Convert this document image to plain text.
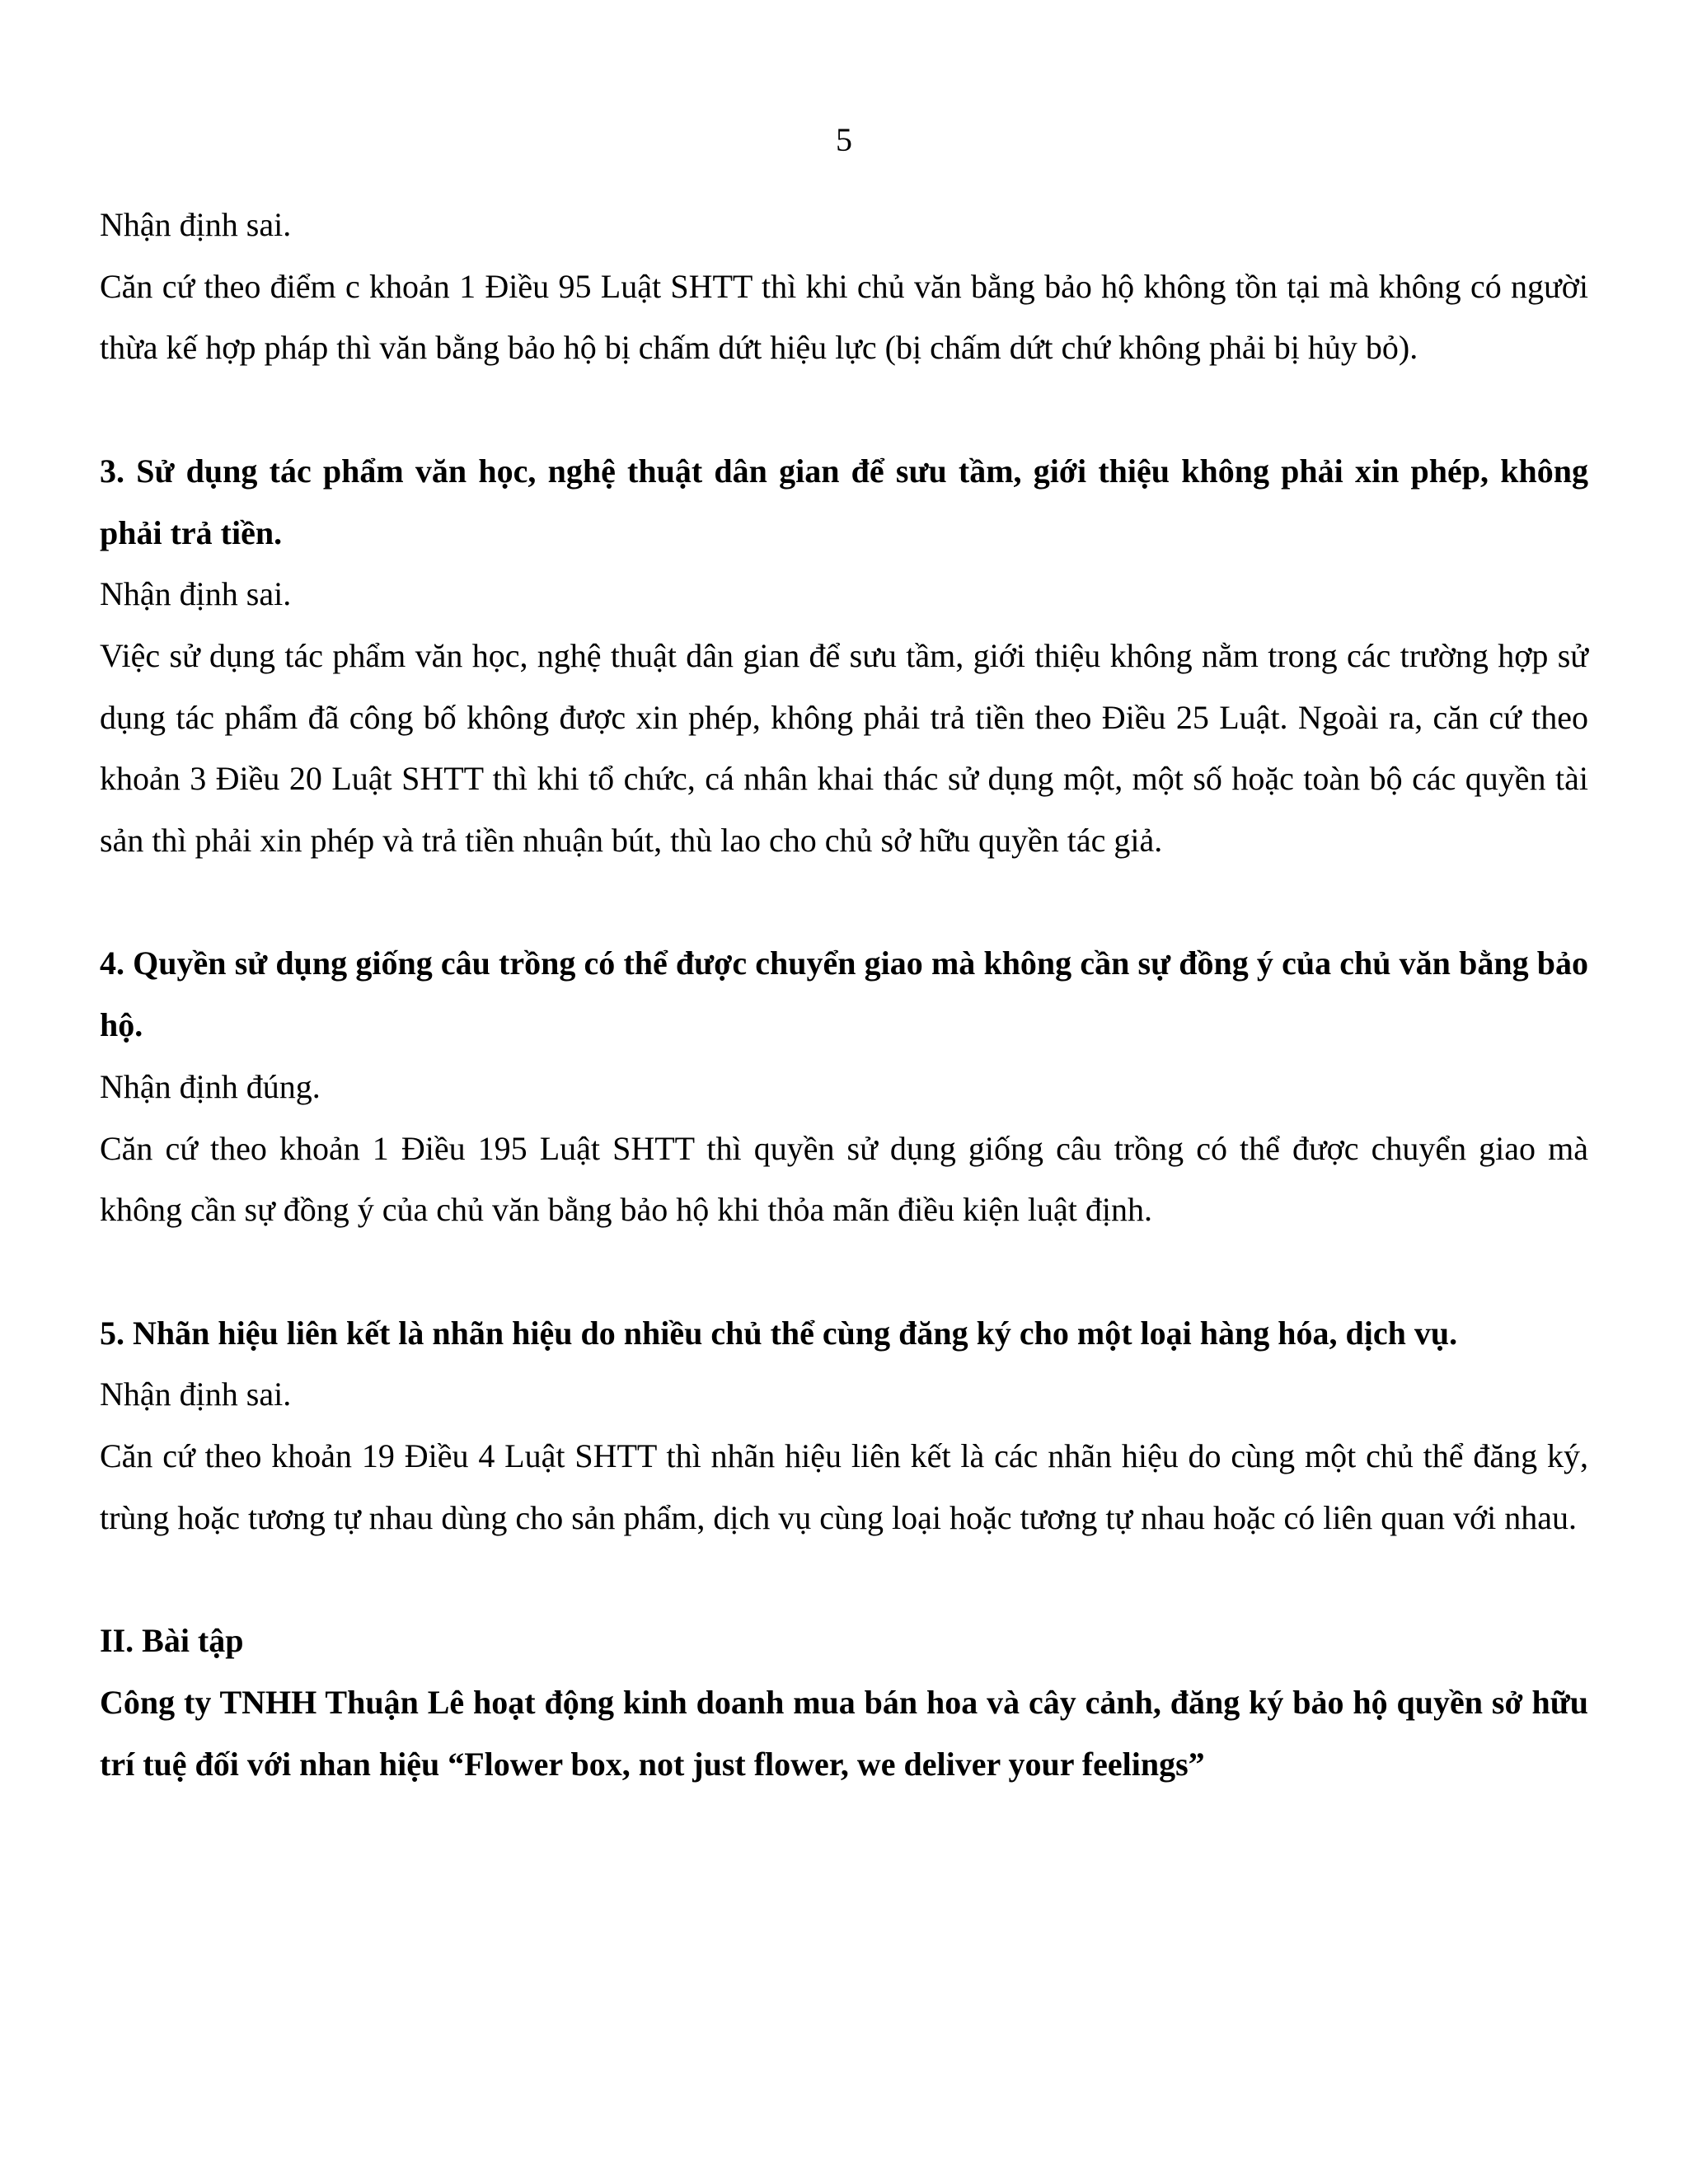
5

Nhận định sai.

Căn cứ theo điểm c khoản 1 Điều 95 Luật SHTT thì khi chủ văn bằng bảo hộ không tồn tại mà không có người thừa kế hợp pháp thì văn bằng bảo hộ bị chấm dứt hiệu lực (bị chấm dứt chứ không phải bị hủy bỏ).

3. Sử dụng tác phẩm văn học, nghệ thuật dân gian để sưu tầm, giới thiệu không phải xin phép, không phải trả tiền.

Nhận định sai.

Việc sử dụng tác phẩm văn học, nghệ thuật dân gian để sưu tầm, giới thiệu không nằm trong các trường hợp sử dụng tác phẩm đã công bố không được xin phép, không phải trả tiền theo Điều 25 Luật. Ngoài ra, căn cứ theo khoản 3 Điều 20 Luật SHTT thì khi tổ chức, cá nhân khai thác sử dụng một, một số hoặc toàn bộ các quyền tài sản thì phải xin phép và trả tiền nhuận bút, thù lao cho chủ sở hữu quyền tác giả.

4. Quyền sử dụng giống câu trồng có thể được chuyển giao mà không cần sự đồng ý của chủ văn bằng bảo hộ.

Nhận định đúng.

Căn cứ theo khoản 1 Điều 195 Luật SHTT thì quyền sử dụng giống câu trồng có thể được chuyển giao mà không cần sự đồng ý của chủ văn bằng bảo hộ khi thỏa mãn điều kiện luật định.

5. Nhãn hiệu liên kết là nhãn hiệu do nhiều chủ thể cùng đăng ký cho một loại hàng hóa, dịch vụ.

Nhận định sai.

Căn cứ theo khoản 19 Điều 4 Luật SHTT thì nhãn hiệu liên kết là các nhãn hiệu do cùng một chủ thể đăng ký, trùng hoặc tương tự nhau dùng cho sản phẩm, dịch vụ cùng loại hoặc tương tự nhau hoặc có liên quan với nhau.

II. Bài tập

Công ty TNHH Thuận Lê hoạt động kinh doanh mua bán hoa và cây cảnh, đăng ký bảo hộ quyền sở hữu trí tuệ đối với nhan hiệu “Flower box, not just flower, we deliver your feelings”
